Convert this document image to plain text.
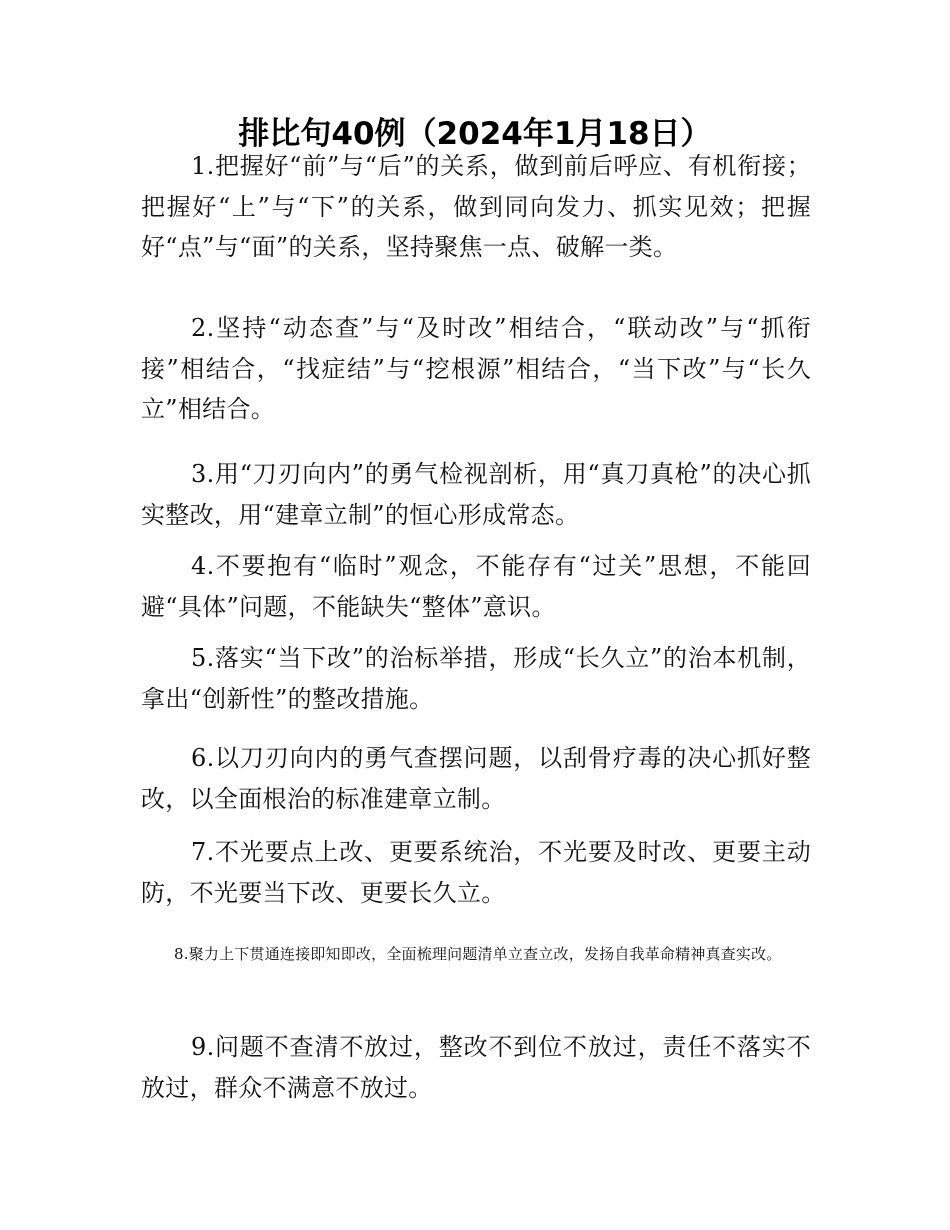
排比句40例（2024年1月18日）

1.把握好“前”与“后”的关系，做到前后呼应、有机衔接；把握好“上”与“下”的关系，做到同向发力、抓实见效；把握好“点”与“面”的关系，坚持聚焦一点、破解一类。

2.坚持“动态查”与“及时改”相结合，“联动改”与“抓衔接”相结合，“找症结”与“挖根源”相结合，“当下改”与“长久立”相结合。

3.用“刀刃向内”的勇气检视剖析，用“真刀真枪”的决心抓实整改，用“建章立制”的恒心形成常态。

4.不要抱有“临时”观念，不能存有“过关”思想，不能回避“具体”问题，不能缺失“整体”意识。

5.落实“当下改”的治标举措，形成“长久立”的治本机制，拿出“创新性”的整改措施。

6.以刀刃向内的勇气查摆问题，以刮骨疗毒的决心抓好整改，以全面根治的标准建章立制。

7.不光要点上改、更要系统治，不光要及时改、更要主动防，不光要当下改、更要长久立。

8.聚力上下贯通连接即知即改，全面梳理问题清单立查立改，发扬自我革命精神真查实改。

9.问题不查清不放过，整改不到位不放过，责任不落实不放过，群众不满意不放过。
